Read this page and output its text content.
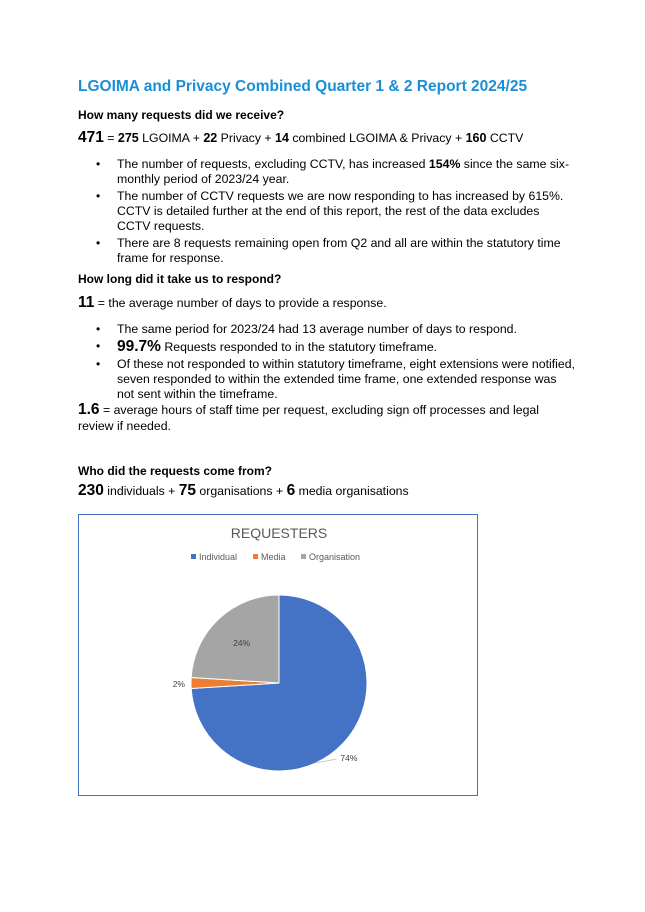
LGOIMA and Privacy Combined Quarter 1 & 2 Report 2024/25
How many requests did we receive?
471 = 275 LGOIMA + 22 Privacy + 14 combined LGOIMA & Privacy + 160 CCTV
• The number of requests, excluding CCTV, has increased 154% since the same six-monthly period of 2023/24 year.
• The number of CCTV requests we are now responding to has increased by 615%. CCTV is detailed further at the end of this report, the rest of the data excludes CCTV requests.
• There are 8 requests remaining open from Q2 and all are within the statutory time frame for response.
How long did it take us to respond?
11 = the average number of days to provide a response.
• The same period for 2023/24 had 13 average number of days to respond.
• 99.7% Requests responded to in the statutory timeframe.
• Of these not responded to within statutory timeframe, eight extensions were notified, seven responded to within the extended time frame, one extended response was not sent within the timeframe.
1.6 = average hours of staff time per request, excluding sign off processes and legal review if needed.
Who did the requests come from?
230 individuals + 75 organisations + 6 media organisations
REQUESTERS
Individual	Media	Organisation
74%
2%
24%
